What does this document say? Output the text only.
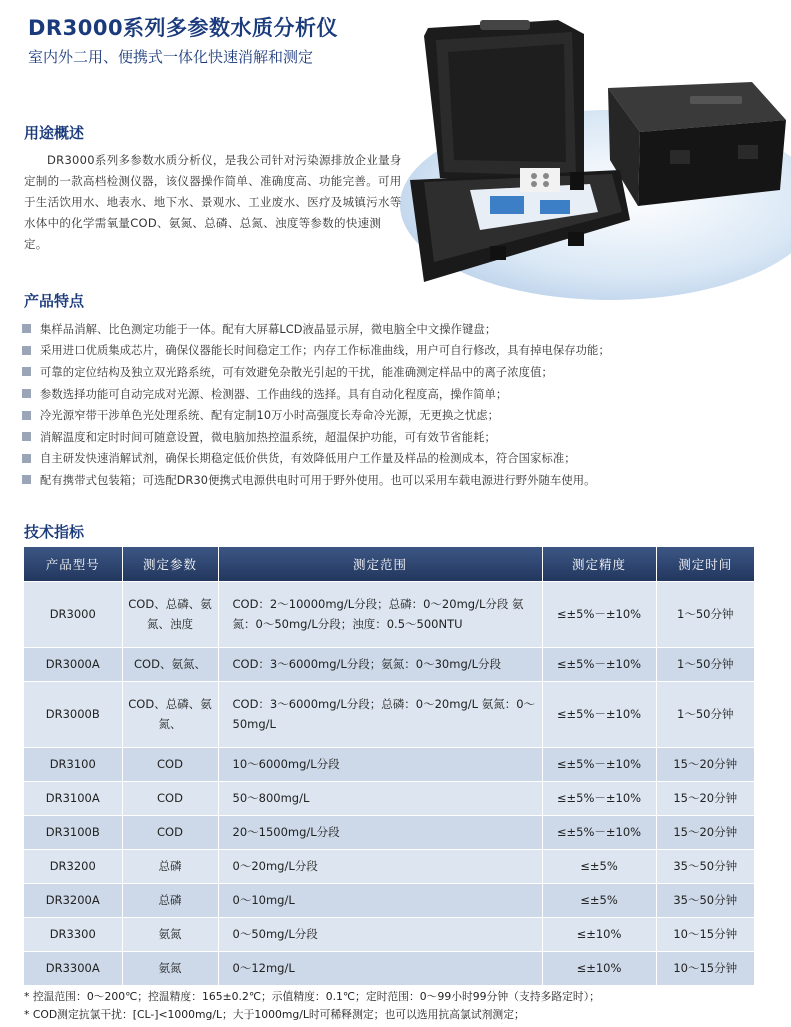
DR3000系列多参数水质分析仪
室内外二用、便携式一体化快速消解和测定
用途概述

DR3000系列多参数水质分析仪，是我公司针对污染源排放企业量身定制的一款高档检测仪器，该仪器操作简单、准确度高、功能完善。可用于生活饮用水、地表水、地下水、景观水、工业废水、医疗及城镇污水等水体中的化学需氧量COD、氨氮、总磷、总氮、浊度等参数的快速测定。

产品特点
集样品消解、比色测定功能于一体。配有大屏幕LCD液晶显示屏，微电脑全中文操作键盘；
采用进口优质集成芯片，确保仪器能长时间稳定工作；内存工作标准曲线，用户可自行修改，具有掉电保存功能；
可靠的定位结构及独立双光路系统，可有效避免杂散光引起的干扰，能准确测定样品中的离子浓度值；
参数选择功能可自动完成对光源、检测器、工作曲线的选择。具有自动化程度高，操作简单；
冷光源窄带干涉单色光处理系统、配有定制10万小时高强度长寿命冷光源，无更换之忧虑；
消解温度和定时时间可随意设置，微电脑加热控温系统，超温保护功能，可有效节省能耗；
自主研发快速消解试剂，确保长期稳定低价供货，有效降低用户工作量及样品的检测成本，符合国家标准；
配有携带式包装箱；可选配DR30便携式电源供电时可用于野外使用。也可以采用车载电源进行野外随车使用。
技术指标
产品型号	测定参数	测定范围	测定精度	测定时间
DR3000	COD、总磷、氨氮、浊度	COD：2～10000mg/L分段；总磷：0～20mg/L分段 氨氮：0～50mg/L分段；浊度：0.5～500NTU	≤±5%－±10%	1～50分钟
DR3000A	COD、氨氮、	COD：3～6000mg/L分段；氨氮：0～30mg/L分段	≤±5%－±10%	1～50分钟
DR3000B	COD、总磷、氨氮、	COD：3～6000mg/L分段；总磷：0～20mg/L 氨氮：0～50mg/L	≤±5%－±10%	1～50分钟
DR3100	COD	10～6000mg/L分段	≤±5%－±10%	15～20分钟
DR3100A	COD	50～800mg/L	≤±5%－±10%	15～20分钟
DR3100B	COD	20～1500mg/L分段	≤±5%－±10%	15～20分钟
DR3200	总磷	0～20mg/L分段	≤±5%	35～50分钟
DR3200A	总磷	0～10mg/L	≤±5%	35～50分钟
DR3300	氨氮	0～50mg/L分段	≤±10%	10～15分钟
DR3300A	氨氮	0～12mg/L	≤±10%	10～15分钟
* 控温范围：0～200℃；控温精度：165±0.2℃；示值精度：0.1℃；定时范围：0～99小时99分钟（支持多路定时）；
* COD测定抗氯干扰：[CL-]<1000mg/L；大于1000mg/L时可稀释测定；也可以选用抗高氯试剂测定；
